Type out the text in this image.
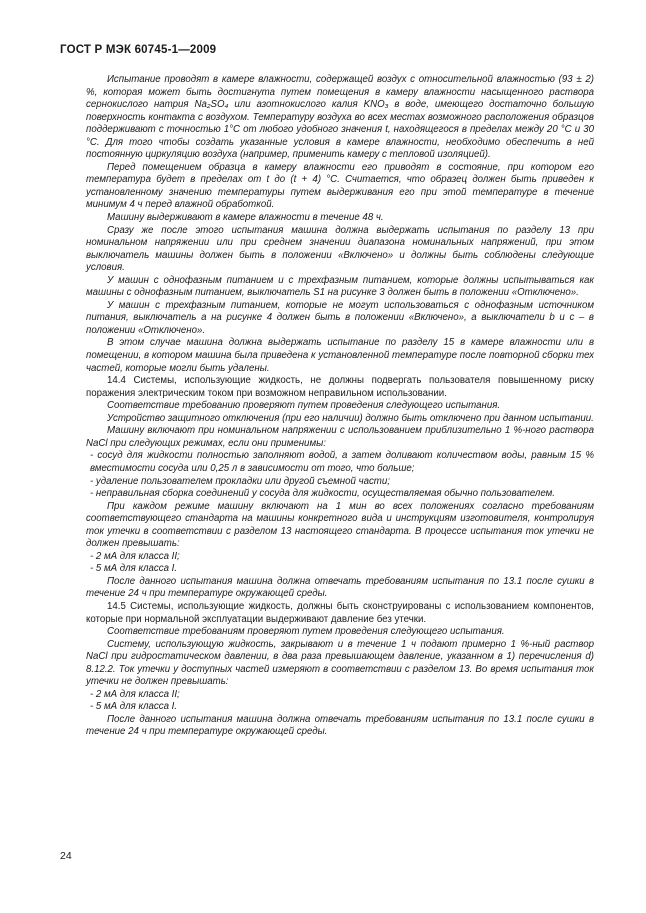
ГОСТ Р МЭК 60745-1—2009

Испытание проводят в камере влажности, содержащей воздух с относительной влажностью (93 ± 2) %, которая может быть достигнута путем помещения в камеру влажности насыщенного раствора сернокислого натрия Na₂SO₄ или азотнокислого калия KNO₃ в воде, имеющего достаточно большую поверхность контакта с воздухом. Температуру воздуха во всех местах возможного расположения образцов поддерживают с точностью 1°C от любого удобного значения t, находящегося в пределах между 20 °C и 30 °C. Для того чтобы создать указанные условия в камере влажности, необходимо обеспечить в ней постоянную циркуляцию воздуха (например, применить камеру с тепловой изоляцией).

Перед помещением образца в камеру влажности его приводят в состояние, при котором его температура будет в пределах от t до (t + 4) °C. Считается, что образец должен быть приведен к установленному значению температуры путем выдерживания его при этой температуре в течение минимум 4 ч перед влажной обработкой.

Машину выдерживают в камере влажности в течение 48 ч.

Сразу же после этого испытания машина должна выдержать испытания по разделу 13 при номинальном напряжении или при среднем значении диапазона номинальных напряжений, при этом выключатель машины должен быть в положении «Включено» и должны быть соблюдены следующие условия.

У машин с однофазным питанием и с трехфазным питанием, которые должны испытываться как машины с однофазным питанием, выключатель S1 на рисунке 3 должен быть в положении «Отключено».

У машин с трехфазным питанием, которые не могут использоваться с однофазным источником питания, выключатель a на рисунке 4 должен быть в положении «Включено», а выключатели b и c – в положении «Отключено».

В этом случае машина должна выдержать испытание по разделу 15 в камере влажности или в помещении, в котором машина была приведена к установленной температуре после повторной сборки тех частей, которые могли быть удалены.

14.4 Системы, использующие жидкость, не должны подвергать пользователя повышенному риску поражения электрическим током при возможном неправильном использовании.

Соответствие требованию проверяют путем проведения следующего испытания.

Устройство защитного отключения (при его наличии) должно быть отключено при данном испытании.

Машину включают при номинальном напряжении с использованием приблизительно 1 %-ного раствора NaCl при следующих режимах, если они применимы:

- сосуд для жидкости полностью заполняют водой, а затем доливают количеством воды, равным 15 % вместимости сосуда или 0,25 л в зависимости от того, что больше;

- удаление пользователем прокладки или другой съемной части;

- неправильная сборка соединений у сосуда для жидкости, осуществляемая обычно пользователем.

При каждом режиме машину включают на 1 мин во всех положениях согласно требованиям соответствующего стандарта на машины конкретного вида и инструкциям изготовителя, контролируя ток утечки в соответствии с разделом 13 настоящего стандарта. В процессе испытания ток утечки не должен превышать:

- 2 мА для класса II;

- 5 мА для класса I.

После данного испытания машина должна отвечать требованиям испытания по 13.1 после сушки в течение 24 ч при температуре окружающей среды.

14.5 Системы, использующие жидкость, должны быть сконструированы с использованием компонентов, которые при нормальной эксплуатации выдерживают давление без утечки.

Соответствие требованиям проверяют путем проведения следующего испытания.

Систему, использующую жидкость, закрывают и в течение 1 ч подают примерно 1 %-ный раствор NaCl при гидростатическом давлении, в два раза превышающем давление, указанном в 1) перечисления d) 8.12.2. Ток утечки у доступных частей измеряют в соответствии с разделом 13. Во время испытания ток утечки не должен превышать:

- 2 мА для класса II;

- 5 мА для класса I.

После данного испытания машина должна отвечать требованиям испытания по 13.1 после сушки в течение 24 ч при температуре окружающей среды.

24
